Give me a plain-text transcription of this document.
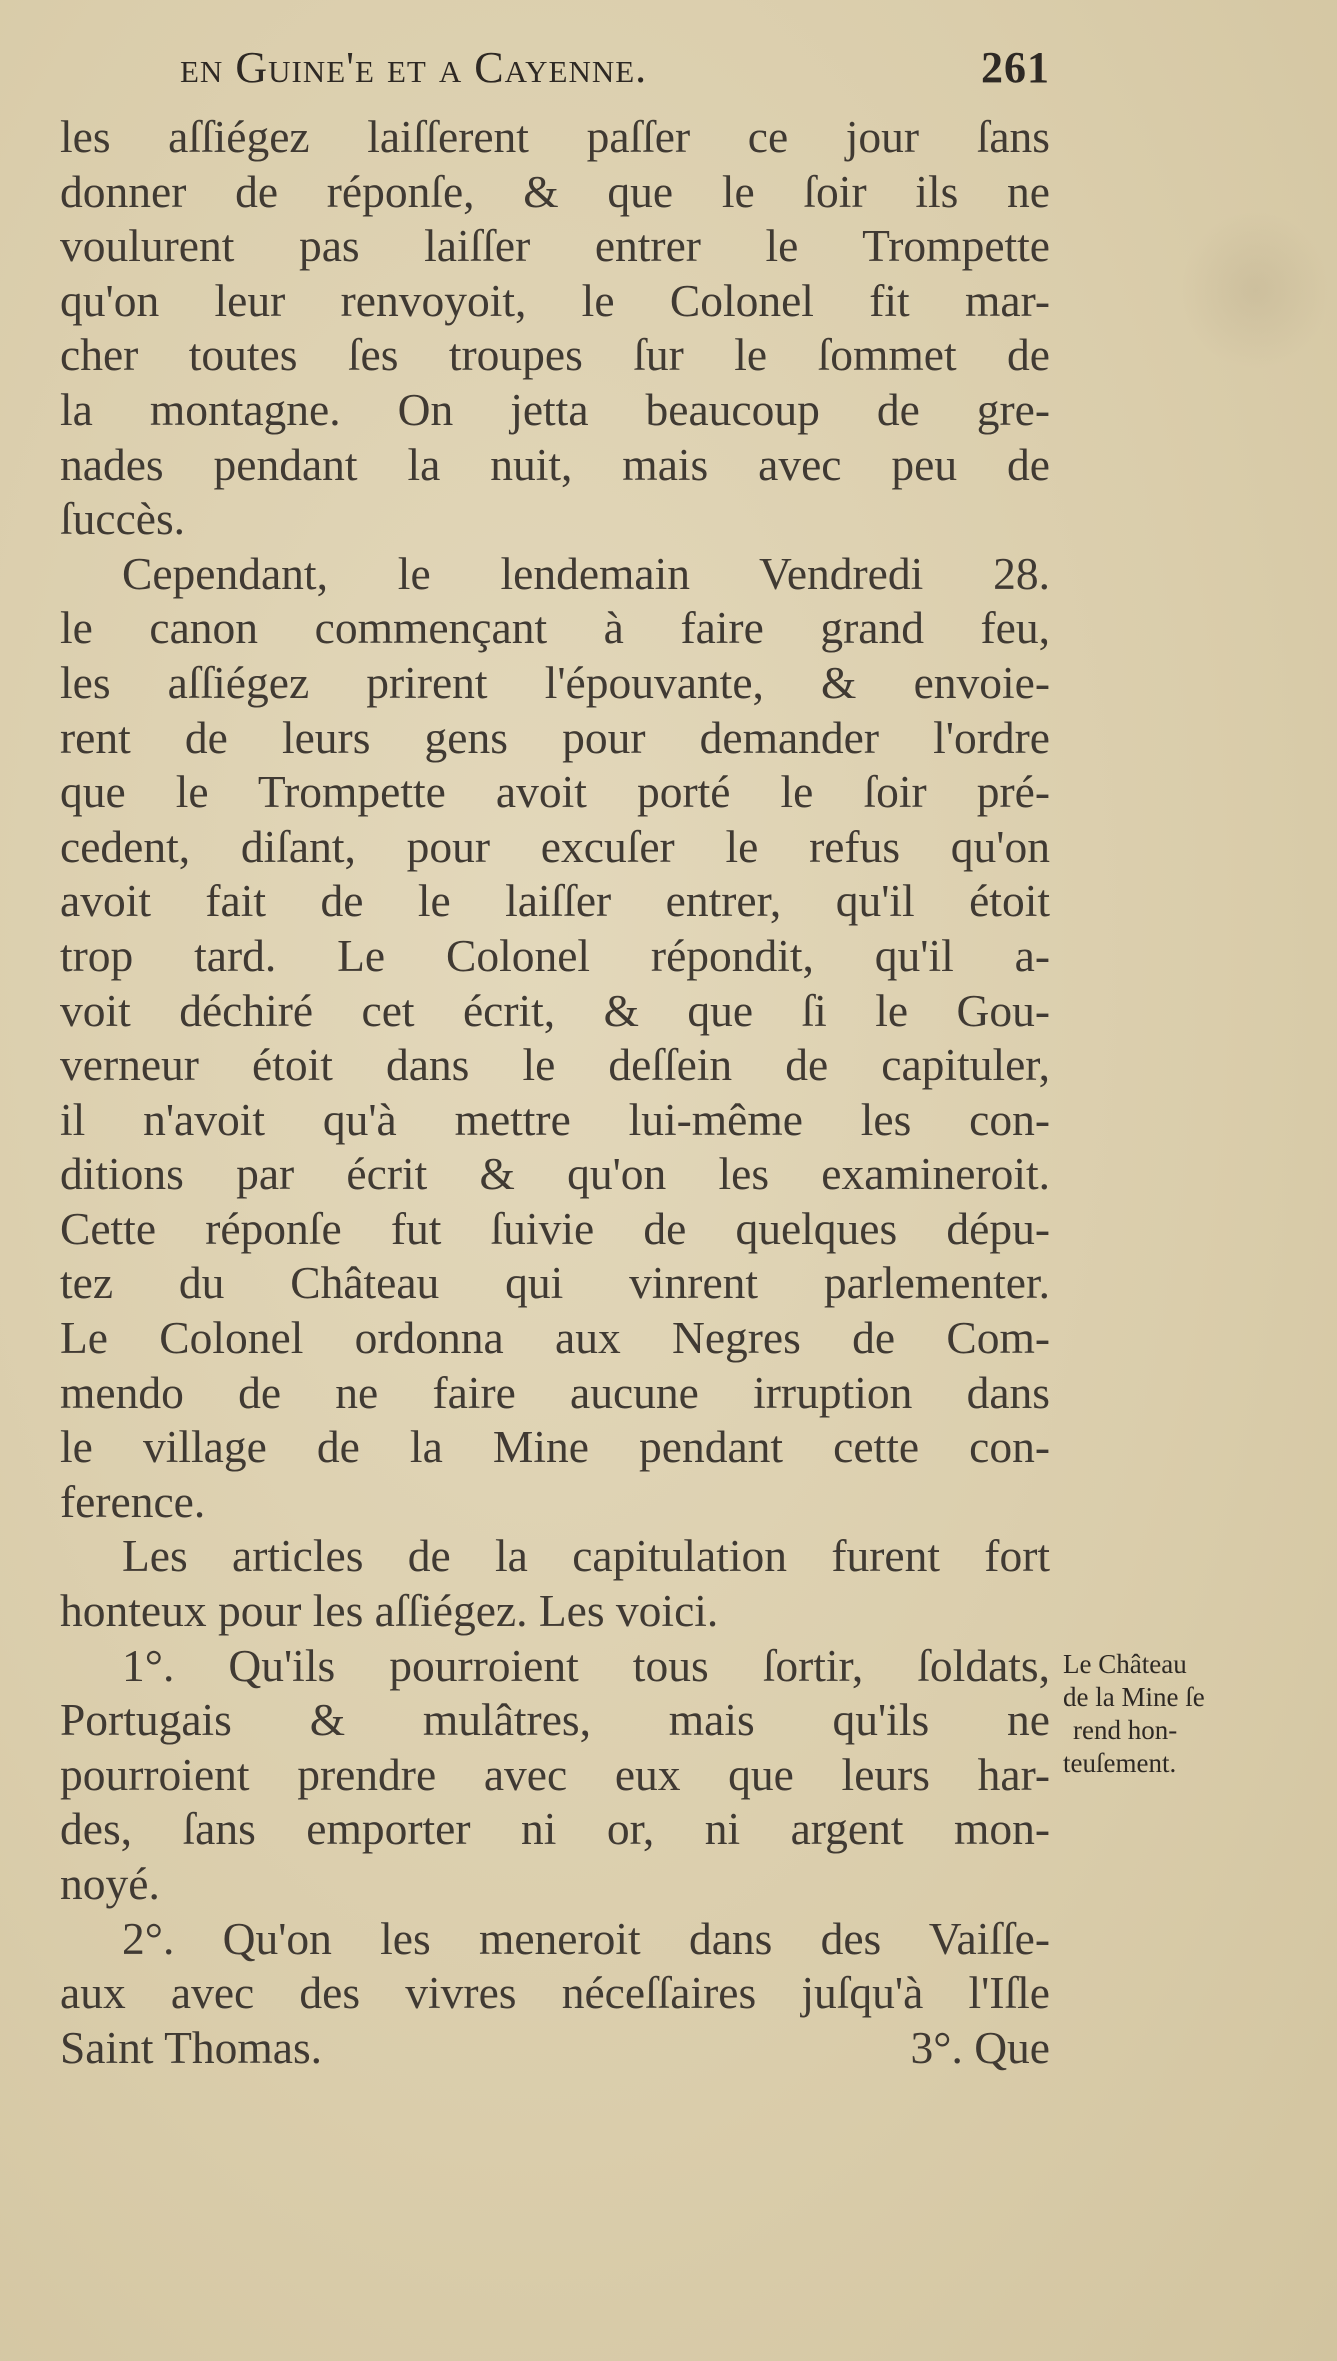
en Guine'e et a Cayenne.	261
les aſſiégez laiſſerent paſſer ce jour ſans
donner de réponſe, & que le ſoir ils ne
voulurent pas laiſſer entrer le Trompette
qu'on leur renvoyoit, le Colonel fit mar-
cher toutes ſes troupes ſur le ſommet de
la montagne. On jetta beaucoup de gre-
nades pendant la nuit, mais avec peu de
ſuccès.
Cependant, le lendemain Vendredi 28.
le canon commençant à faire grand feu,
les aſſiégez prirent l'épouvante, & envoie-
rent de leurs gens pour demander l'ordre
que le Trompette avoit porté le ſoir pré-
cedent, diſant, pour excuſer le refus qu'on
avoit fait de le laiſſer entrer, qu'il étoit
trop tard. Le Colonel répondit, qu'il a-
voit déchiré cet écrit, & que ſi le Gou-
verneur étoit dans le deſſein de capituler,
il n'avoit qu'à mettre lui-même les con-
ditions par écrit & qu'on les examineroit.
Cette réponſe fut ſuivie de quelques dépu-
tez du Château qui vinrent parlementer.
Le Colonel ordonna aux Negres de Com-
mendo de ne faire aucune irruption dans
le village de la Mine pendant cette con-
ference.
Les articles de la capitulation furent fort
honteux pour les aſſiégez. Les voici.
1°. Qu'ils pourroient tous ſortir, ſoldats,
Portugais & mulâtres, mais qu'ils ne
pourroient prendre avec eux que leurs har-
des, ſans emporter ni or, ni argent mon-
noyé.
2°. Qu'on les meneroit dans des Vaiſſe-
aux avec des vivres néceſſaires juſqu'à l'Iſle
Saint Thomas.	3°. Que
Le Château
de la Mine ſe
rend hon-
teuſement.
